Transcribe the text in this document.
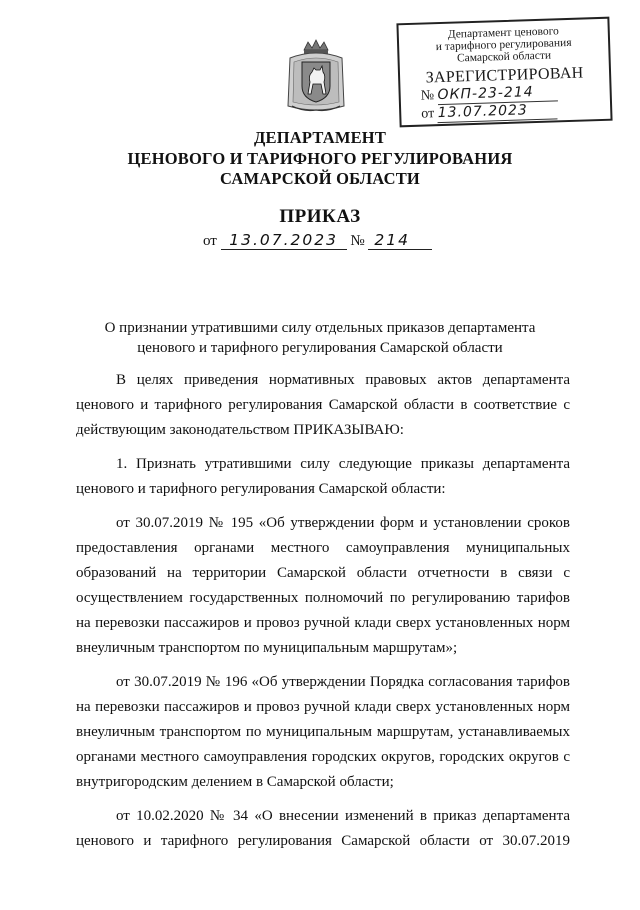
Департамент ценового
и тарифного регулирования
Самарской области
ЗАРЕГИСТРИРОВАН
№ ОКП-23-214
от 13.07.2023
ДЕПАРТАМЕНТ
ЦЕНОВОГО И ТАРИФНОГО РЕГУЛИРОВАНИЯ
САМАРСКОЙ ОБЛАСТИ
ПРИКАЗ
от 13.07.2023 № 214
О признании утратившими силу отдельных приказов департамента
ценового и тарифного регулирования Самарской области
В целях приведения нормативных правовых актов департамента ценового и тарифного регулирования Самарской области в соответствие с действующим законодательством ПРИКАЗЫВАЮ:
1. Признать утратившими силу следующие приказы департамента ценового и тарифного регулирования Самарской области:
от 30.07.2019 № 195 «Об утверждении форм и установлении сроков предоставления органами местного самоуправления муниципальных образований на территории Самарской области отчетности в связи с осуществлением государственных полномочий по регулированию тарифов на перевозки пассажиров и провоз ручной клади сверх установленных норм внеуличным транспортом по муниципальным маршрутам»;
от 30.07.2019 № 196 «Об утверждении Порядка согласования тарифов на перевозки пассажиров и провоз ручной клади сверх установленных норм внеуличным транспортом по муниципальным маршрутам, устанавливаемых органами местного самоуправления городских округов, городских округов с внутригородским делением в Самарской области;
от 10.02.2020 № 34 «О внесении изменений в приказ департамента ценового и тарифного регулирования Самарской области от 30.07.2019
